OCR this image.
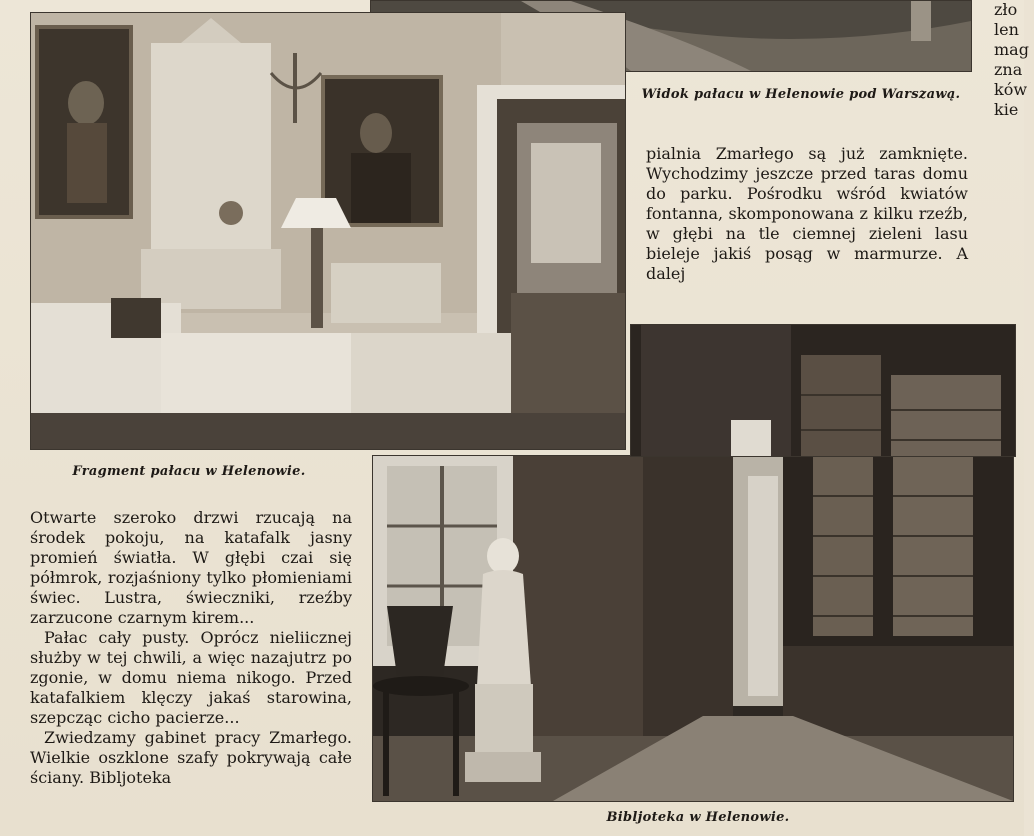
Widok pałacu w Helenowie pod Warszawą.
Fragment pałacu w Helenowie.
Bibljoteka w Helenowie.

pialnia Zmarłego są już zamknięte. Wychodzimy jeszcze przed taras domu do parku. Pośrodku wśród kwiatów fontanna, skomponowana z kilku rzeźb, w głębi na tle ciemnej zieleni lasu bieleje jakiś posąg w marmurze. A dalej

Otwarte szeroko drzwi rzucają na środek pokoju, na katafalk jasny promień światła. W głębi czai się półmrok, rozjaśniony tylko płomieniami świec. Lustra, świeczniki, rzeźby zarzucone czarnym kirem...

Pałac cały pusty. Oprócz nieliicznej służby w tej chwili, a więc nazajutrz po zgonie, w domu niema nikogo. Przed katafalkiem klęczy jakaś starowina, szepcząc cicho pacierze...

Zwiedzamy gabinet pracy Zmarłego. Wielkie oszklone szafy pokrywają całe ściany. Bibljoteka

zło
len
mag
zna
ków
kie
